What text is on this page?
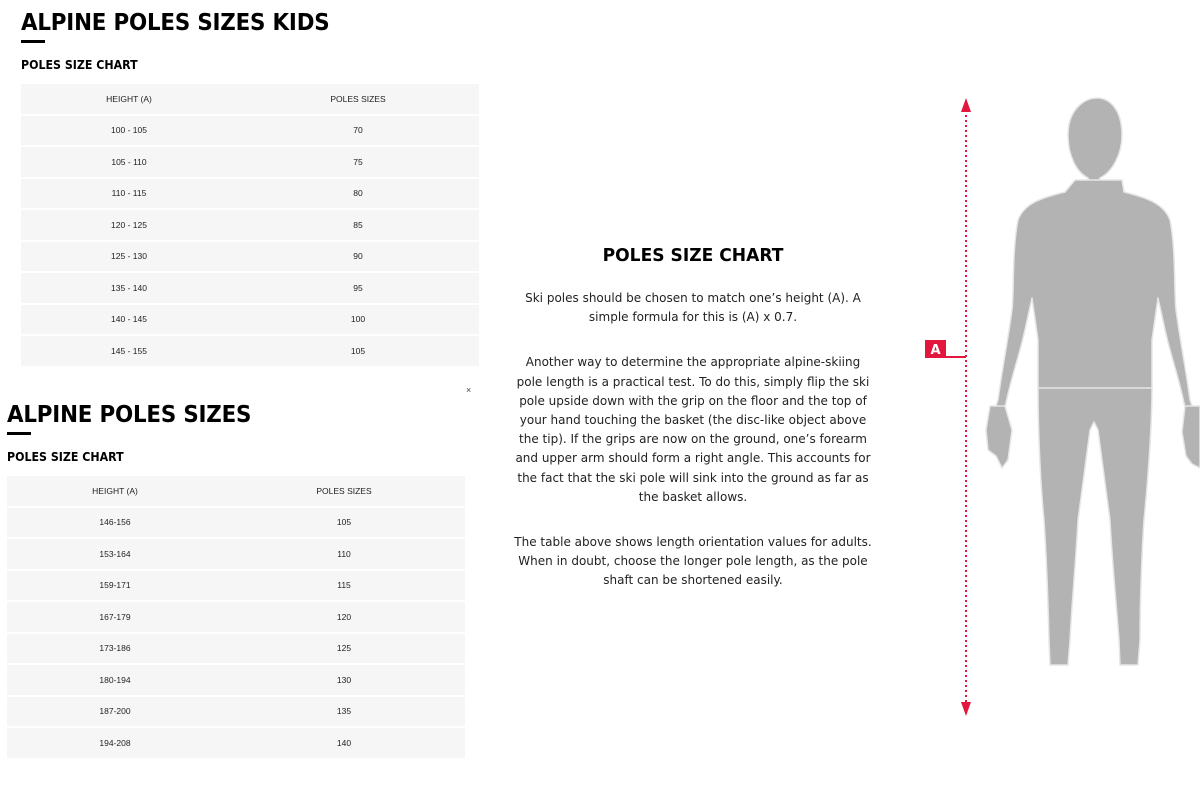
ALPINE POLES SIZES KIDS
POLES SIZE CHART
HEIGHT (A)	POLES SIZES
100 - 105	70
105 - 110	75
110 - 115	80
120 - 125	85
125 - 130	90
135 - 140	95
140 - 145	100
145 - 155	105
×
ALPINE POLES SIZES
POLES SIZE CHART
HEIGHT (A)	POLES SIZES
146-156	105
153-164	110
159-171	115
167-179	120
173-186	125
180-194	130
187-200	135
194-208	140
POLES SIZE CHART

Ski poles should be chosen to match one’s height (A). A simple formula for this is (A) x 0.7.

Another way to determine the appropriate alpine-skiing pole length is a practical test. To do this, simply flip the ski pole upside down with the grip on the floor and the top of your hand touching the basket (the disc-like object above the tip). If the grips are now on the ground, one’s forearm and upper arm should form a right angle. This accounts for the fact that the ski pole will sink into the ground as far as the basket allows.

The table above shows length orientation values for adults. When in doubt, choose the longer pole length, as the pole shaft can be shortened easily.

A
